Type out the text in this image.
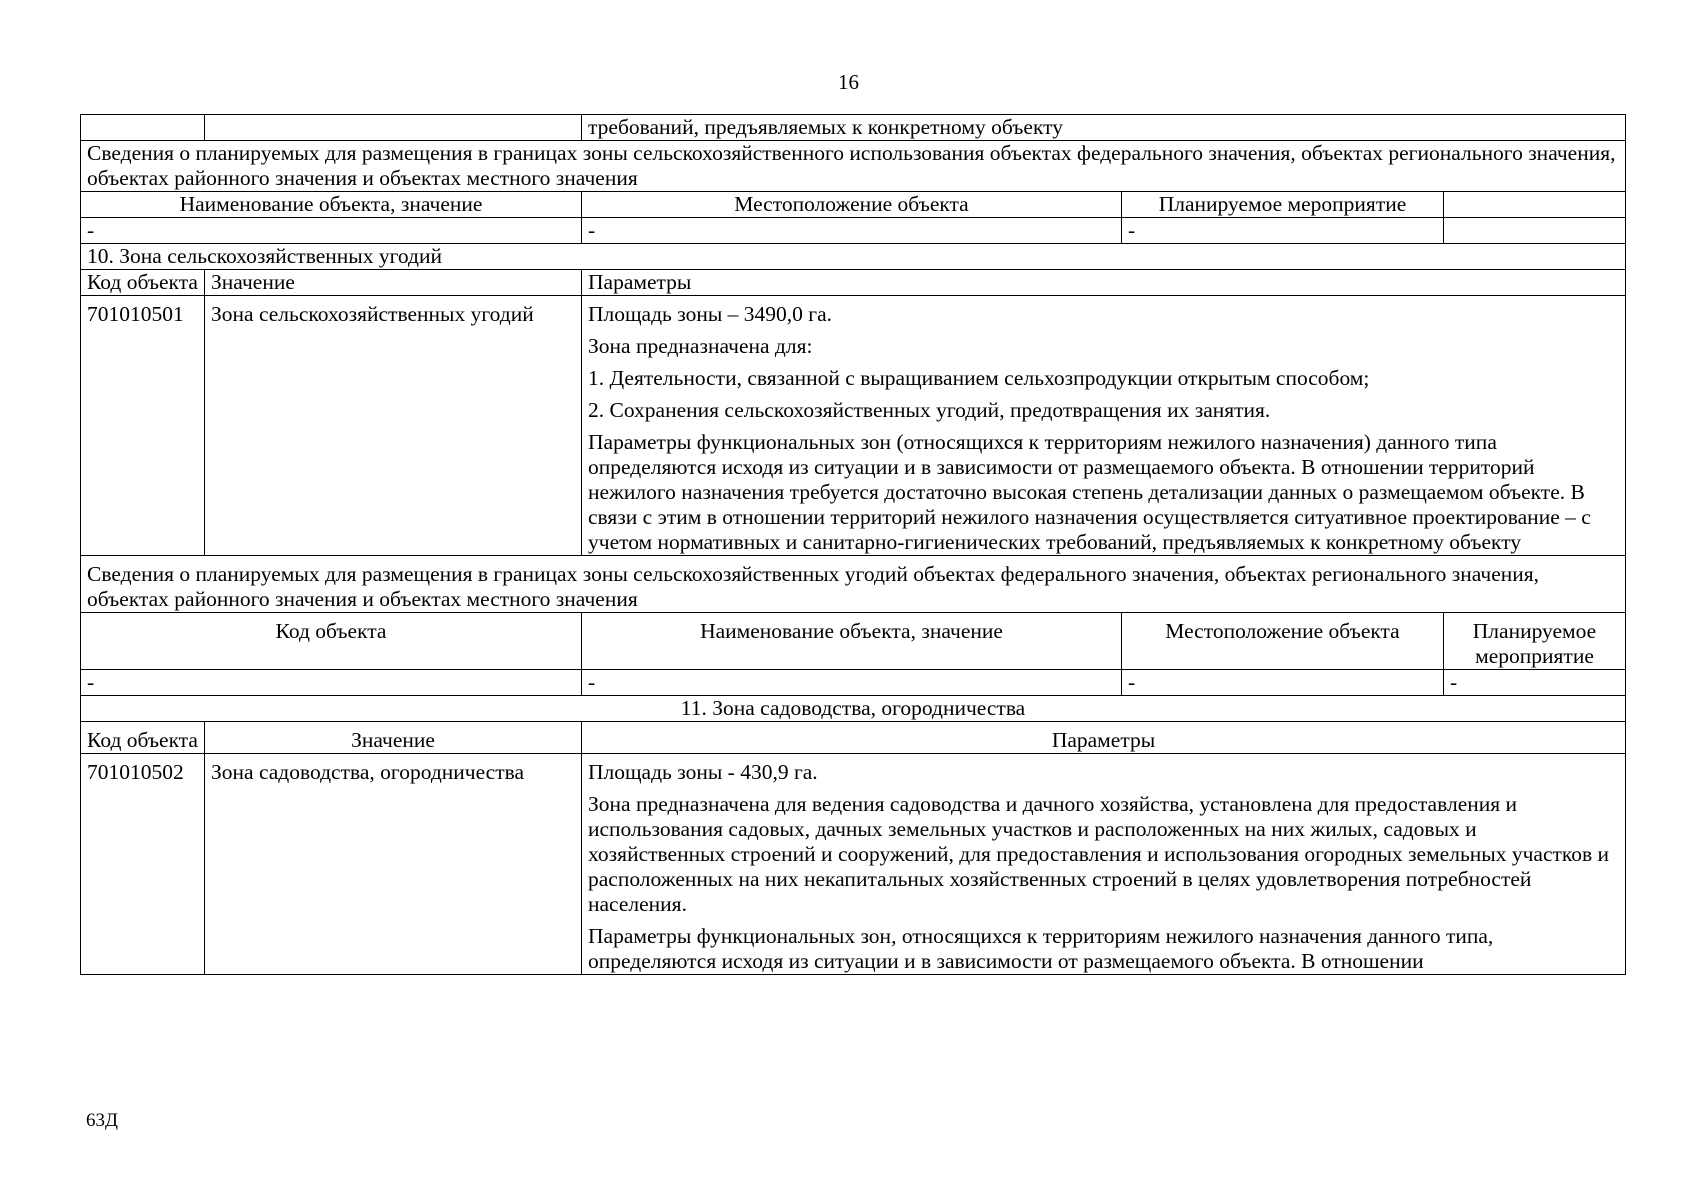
16
		требований, предъявляемых к конкретному объекту		
Сведения о планируемых для размещения в границах зоны сельскохозяйственного использования объектах федерального значения, объектах регионального значения, объектах районного значения и объектах местного значения				
Наименование объекта, значение		Местоположение объекта	Планируемое мероприятие	
-		-	-	
10. Зона сельскохозяйственных угодий				
Код объекта	Значение	Параметры		
701010501	Зона сельскохозяйственных угодий	Площадь зоны – 3490,0 га.

Зона предназначена для:

1. Деятельности, связанной с выращиванием сельхозпродукции открытым способом;

2. Сохранения сельскохозяйственных угодий, предотвращения их занятия.

Параметры функциональных зон (относящихся к территориям нежилого назначения) данного типа определяются исходя из ситуации и в зависимости от размещаемого объекта. В отношении территорий нежилого назначения требуется достаточно высокая степень детализации данных о размещаемом объекте. В связи с этим в отношении территорий нежилого назначения осуществляется ситуативное проектирование – с учетом нормативных и санитарно-гигиенических требований, предъявляемых к конкретному объекту		

Сведения о планируемых для размещения в границах зоны сельскохозяйственных угодий объектах федерального значения, объектах регионального значения, объектах районного значения и объектах местного значения				
Код объекта		Наименование объекта, значение	Местоположение объекта	Планируемое мероприятие
-		-	-	-
11. Зона садоводства, огородничества				
Код объекта	Значение	Параметры		
701010502	Зона садоводства, огородничества	Площадь зоны - 430,9 га.

Зона предназначена для ведения садоводства и дачного хозяйства, установлена для предоставления и использования садовых, дачных земельных участков и расположенных на них жилых, садовых и хозяйственных строений и сооружений, для предоставления и использования огородных земельных участков и расположенных на них некапитальных хозяйственных строений в целях удовлетворения потребностей населения.

Параметры функциональных зон, относящихся к территориям нежилого назначения данного типа, определяются исходя из ситуации и в зависимости от размещаемого объекта. В отношении		

63Д
